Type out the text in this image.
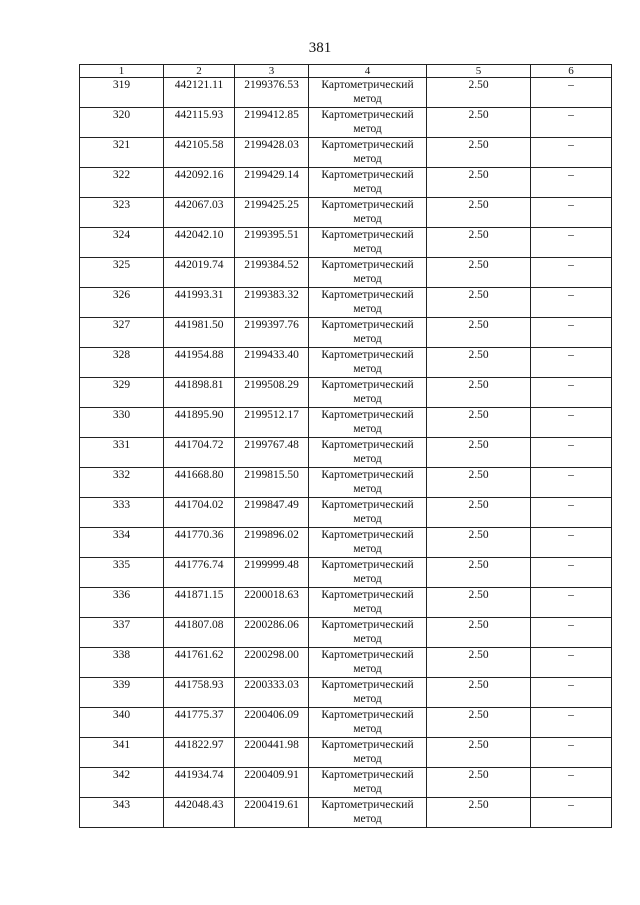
381
1	2	3	4	5	6
319	442121.11	2199376.53	Картометрический
метод	2.50	–
320	442115.93	2199412.85	Картометрический
метод	2.50	–
321	442105.58	2199428.03	Картометрический
метод	2.50	–
322	442092.16	2199429.14	Картометрический
метод	2.50	–
323	442067.03	2199425.25	Картометрический
метод	2.50	–
324	442042.10	2199395.51	Картометрический
метод	2.50	–
325	442019.74	2199384.52	Картометрический
метод	2.50	–
326	441993.31	2199383.32	Картометрический
метод	2.50	–
327	441981.50	2199397.76	Картометрический
метод	2.50	–
328	441954.88	2199433.40	Картометрический
метод	2.50	–
329	441898.81	2199508.29	Картометрический
метод	2.50	–
330	441895.90	2199512.17	Картометрический
метод	2.50	–
331	441704.72	2199767.48	Картометрический
метод	2.50	–
332	441668.80	2199815.50	Картометрический
метод	2.50	–
333	441704.02	2199847.49	Картометрический
метод	2.50	–
334	441770.36	2199896.02	Картометрический
метод	2.50	–
335	441776.74	2199999.48	Картометрический
метод	2.50	–
336	441871.15	2200018.63	Картометрический
метод	2.50	–
337	441807.08	2200286.06	Картометрический
метод	2.50	–
338	441761.62	2200298.00	Картометрический
метод	2.50	–
339	441758.93	2200333.03	Картометрический
метод	2.50	–
340	441775.37	2200406.09	Картометрический
метод	2.50	–
341	441822.97	2200441.98	Картометрический
метод	2.50	–
342	441934.74	2200409.91	Картометрический
метод	2.50	–
343	442048.43	2200419.61	Картометрический
метод	2.50	–
